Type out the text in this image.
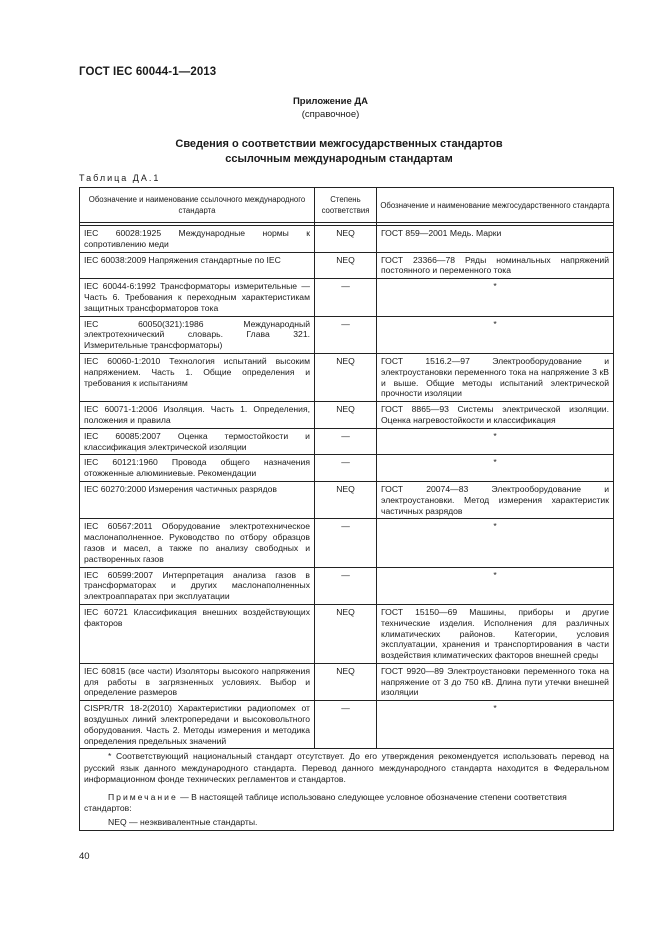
ГОСТ IEC 60044-1—2013
Приложение ДА
(справочное)
Сведения о соответствии межгосударственных стандартов
ссылочным международным стандартам
Таблица ДА.1
Обозначение и наименование ссылочного международного стандарта	Степень соответствия	Обозначение и наименование межгосударственного стандарта

IEC 60028:1925 Международные нормы к сопротивлению меди	NEQ	ГОСТ 859—2001 Медь. Марки
IEC 60038:2009 Напряжения стандартные по IEC	NEQ	ГОСТ 23366—78 Ряды номинальных напряжений постоянного и переменного тока
IEC 60044-6:1992 Трансформаторы измерительные — Часть 6. Требования к переходным характеристикам защитных трансформаторов тока	—	*
IEC 60050(321):1986 Международный электротехнический словарь. Глава 321. Измерительные трансформаторы)	—	*
IEC 60060-1:2010 Технология испытаний высоким напряжением. Часть 1. Общие определения и требования к испытаниям	NEQ	ГОСТ 1516.2—97 Электрооборудование и электроустановки переменного тока на напряжение 3 кВ и выше. Общие методы испытаний электрической прочности изоляции
IEC 60071-1:2006 Изоляция. Часть 1. Определения, положения и правила	NEQ	ГОСТ 8865—93 Системы электрической изоляции. Оценка нагревостойкости и классификация
IEC 60085:2007 Оценка термостойкости и классификация электрической изоляции	—	*
IEC 60121:1960 Провода общего назначения отожженные алюминиевые. Рекомендации	—	*
IEC 60270:2000 Измерения частичных разрядов	NEQ	ГОСТ 20074—83 Электрооборудование и электроустановки. Метод измерения характеристик частичных разрядов
IEC 60567:2011 Оборудование электротехническое маслонаполненное. Руководство по отбору образцов газов и масел, а также по анализу свободных и растворенных газов	—	*
IEC 60599:2007 Интерпретация анализа газов в трансформаторах и других маслонаполненных электроаппаратах при эксплуатации	—	*
IEC 60721 Классификация внешних воздействующих факторов	NEQ	ГОСТ 15150—69 Машины, приборы и другие технические изделия. Исполнения для различных климатических районов. Категории, условия эксплуатации, хранения и транспортирования в части воздействия климатических факторов внешней среды
IEC 60815 (все части) Изоляторы высокого напряжения для работы в загрязненных условиях. Выбор и определение размеров	NEQ	ГОСТ 9920—89 Электроустановки переменного тока на напряжение от 3 до 750 кВ. Длина пути утечки внешней изоляции
CISPR/TR 18-2(2010) Характеристики радиопомех от воздушных линий электропередачи и высоковольтного оборудования. Часть 2. Методы измерения и методика определения предельных значений	—	*

* Соответствующий национальный стандарт отсутствует. До его утверждения рекомендуется использовать перевод на русский язык данного международного стандарта. Перевод данного международного стандарта находится в Федеральном информационном фонде технических регламентов и стандартов.
Примечание — В настоящей таблице использовано следующее условное обозначение степени соответствия стандартов:
NEQ — неэквивалентные стандарты.		
40
